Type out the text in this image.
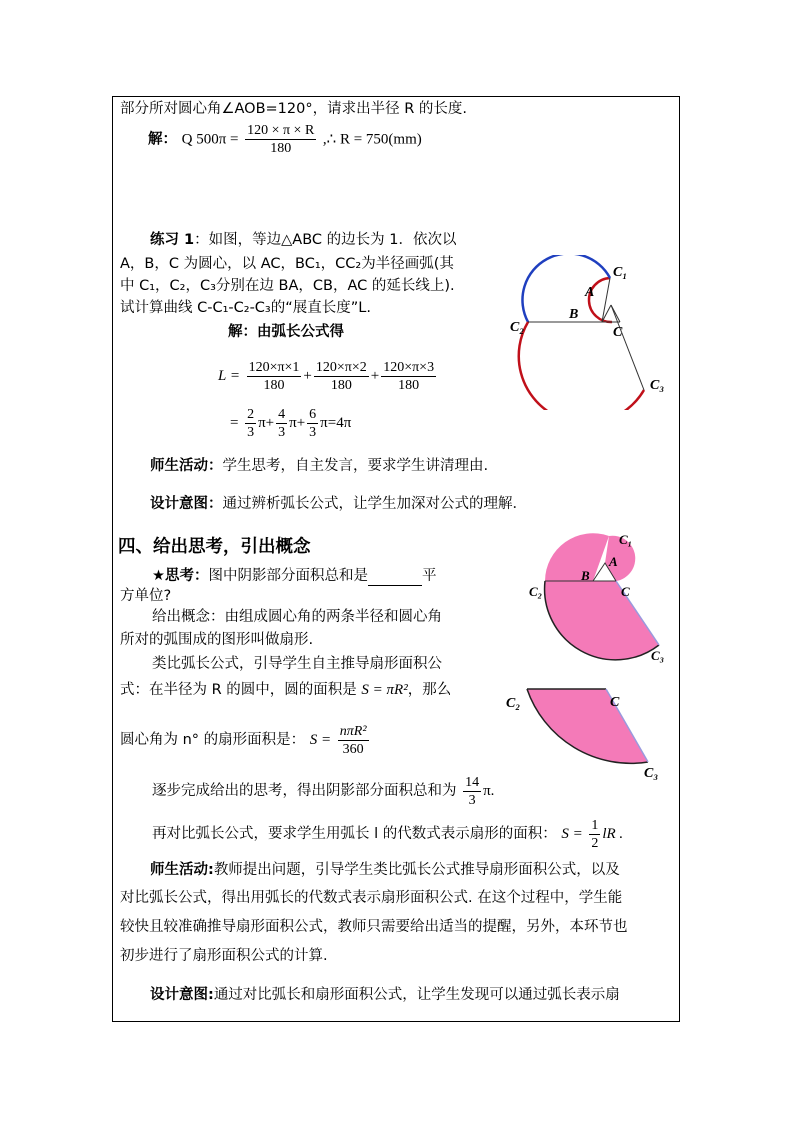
部分所对圆心角∠AOB=120°，请求出半径 R 的长度.
解： Q $500\pi = \frac{120 \times \pi \times R}{180}$ ,∴ R = 750(mm)
练习 1：如图，等边△ABC 的边长为 1．依次以
A，B，C 为圆心，以 AC，BC₁，CC₂为半径画弧(其
中 C₁，C₂，C₃分别在边 BA，CB，AC 的延长线上).
试计算曲线 C-C₁-C₂-C₃的“展直长度”L.
解：由弧长公式得
$L = \frac{120\times\pi\times 1}{180} + \frac{120\times\pi\times 2}{180} + \frac{120\times\pi\times 3}{180}$
= $\frac{2}{3} \pi+ \frac{4}{3} \pi+ \frac{6}{3} \pi=4\pi$
师生活动：学生思考，自主发言，要求学生讲清理由.
设计意图：通过辨析弧长公式，让学生加深对公式的理解．
四、给出思考，引出概念
★思考：图中阴影部分面积总和是	平
方单位?
给出概念：由组成圆心角的两条半径和圆心角
所对的弧围成的图形叫做扇形.
类比弧长公式，引导学生自主推导扇形面积公
式：在半径为 R 的圆中，圆的面积是 S = πR²，那么
圆心角为 n° 的扇形面积是： $S = \frac{\text{nπR²}}{360}$
逐步完成给出的思考，得出阴影部分面积总和为 $\frac{14}{3} \pi$.
再对比弧长公式，要求学生用弧长 l 的代数式表示扇形的面积： $S = \frac{1}{2}$ lR .
师生活动:教师提出问题，引导学生类比弧长公式推导扇形面积公式，以及
对比弧长公式，得出用弧长的代数式表示扇形面积公式. 在这个过程中，学生能
较快且较准确推导扇形面积公式，教师只需要给出适当的提醒，另外，本环节也
初步进行了扇形面积公式的计算.
设计意图:通过对比弧长和扇形面积公式，让学生发现可以通过弧长表示扇
C₁
A
B
C
C₂
C₃
C₁
A
B
C
C₂
C₃
C₂	C
C₃
